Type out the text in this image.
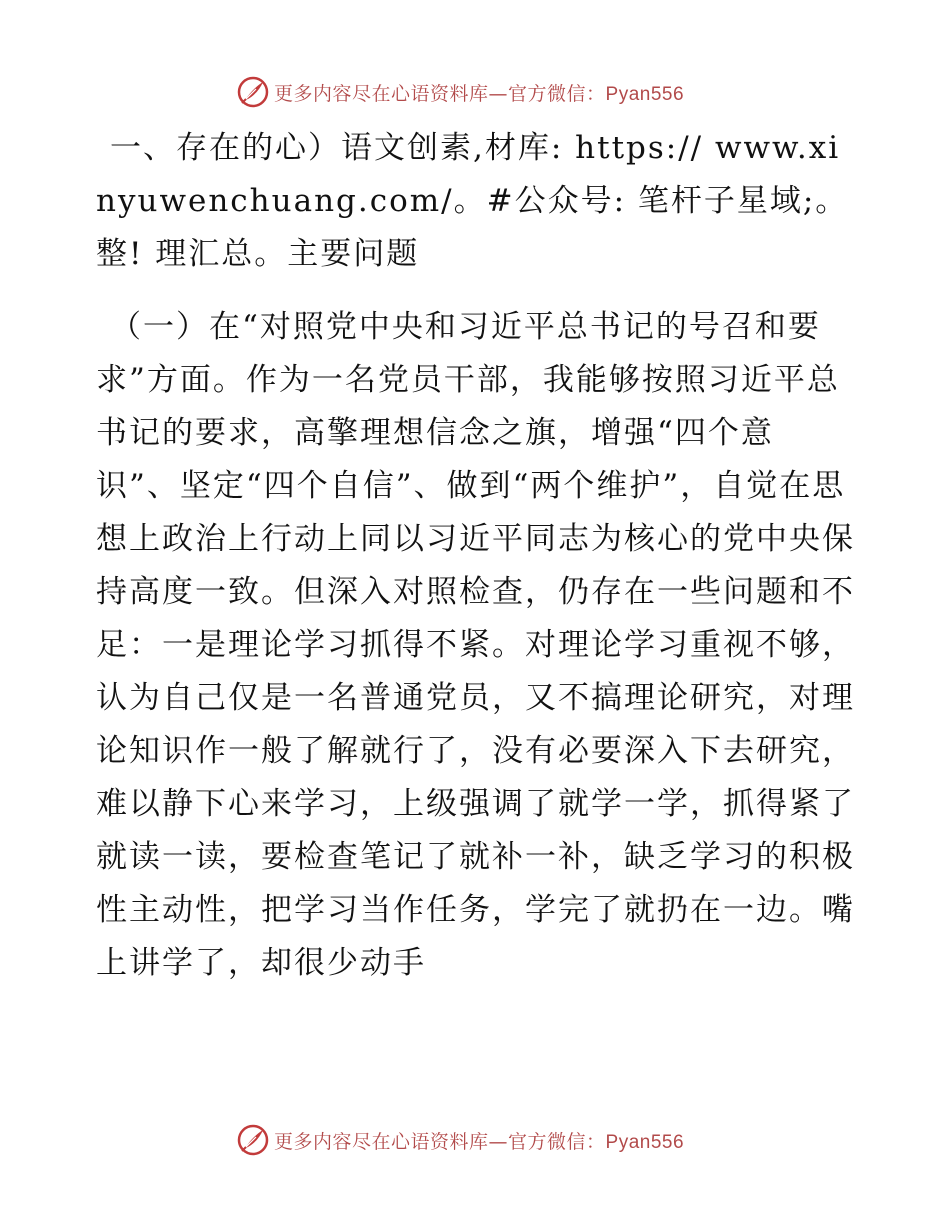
更多内容尽在心语资料库—官方微信：Pyan556

一、存在的心）语文创素,材库: https:// www.xinyuwenchuang.com/。#公众号: 笔杆子星域;。整! 理汇总。主要问题

（一）在“对照党中央和习近平总书记的号召和要求”方面。作为一名党员干部，我能够按照习近平总书记的要求，高擎理想信念之旗，增强“四个意识”、坚定“四个自信”、做到“两个维护”，自觉在思想上政治上行动上同以习近平同志为核心的党中央保持高度一致。但深入对照检查，仍存在一些问题和不足：一是理论学习抓得不紧。对理论学习重视不够，认为自己仅是一名普通党员，又不搞理论研究，对理论知识作一般了解就行了，没有必要深入下去研究，难以静下心来学习，上级强调了就学一学，抓得紧了就读一读，要检查笔记了就补一补，缺乏学习的积极性主动性，把学习当作任务，学完了就扔在一边。嘴上讲学了，却很少动手

更多内容尽在心语资料库—官方微信：Pyan556
